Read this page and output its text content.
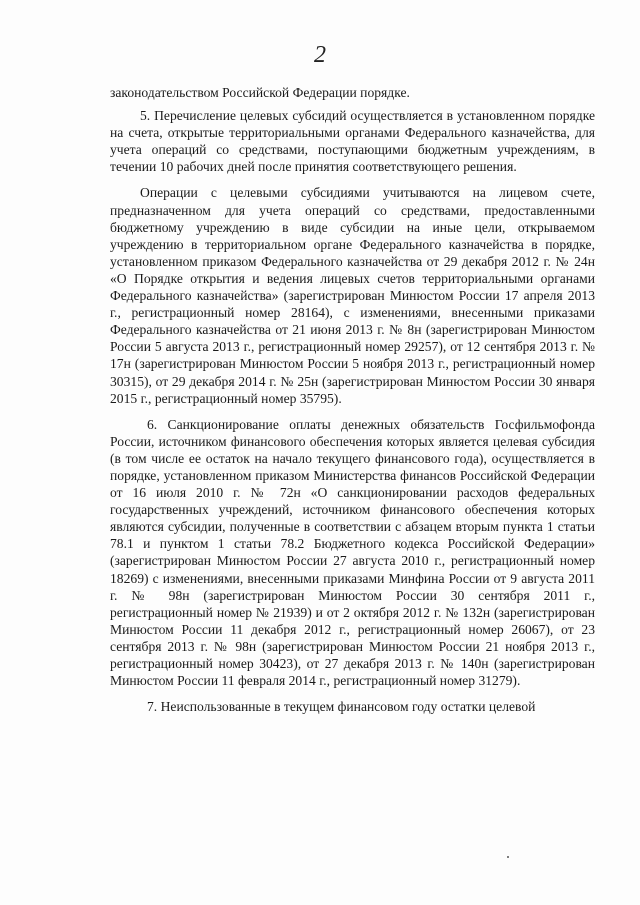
2

законодательством Российской Федерации порядке.

5. Перечисление целевых субсидий осуществляется в установленном порядке на счета, открытые территориальными органами Федерального казначейства, для учета операций со средствами, поступающими бюджетным учреждениям, в течении 10 рабочих дней после принятия соответствующего решения.

Операции с целевыми субсидиями учитываются на лицевом счете, предназначенном для учета операций со средствами, предоставленными бюджетному учреждению в виде субсидии на иные цели, открываемом учреждению в территориальном органе Федерального казначейства в порядке, установленном приказом Федерального казначейства от 29 декабря 2012 г. № 24н «О Порядке открытия и ведения лицевых счетов территориальными органами Федерального казначейства» (зарегистрирован Минюстом России 17 апреля 2013 г., регистрационный номер 28164), с изменениями, внесенными приказами Федерального казначейства от 21 июня 2013 г. № 8н (зарегистрирован Минюстом России 5 августа 2013 г., регистрационный номер 29257), от 12 сентября 2013 г. № 17н (зарегистрирован Минюстом России 5 ноября 2013 г., регистрационный номер 30315), от 29 декабря 2014 г. № 25н (зарегистрирован Минюстом России 30 января 2015 г., регистрационный номер 35795).

6. Санкционирование оплаты денежных обязательств Госфильмофонда России, источником финансового обеспечения которых является целевая субсидия (в том числе ее остаток на начало текущего финансового года), осуществляется в порядке, установленном приказом Министерства финансов Российской Федерации от 16 июля 2010 г. № 72н «О санкционировании расходов федеральных государственных учреждений, источником финансового обеспечения которых являются субсидии, полученные в соответствии с абзацем вторым пункта 1 статьи 78.1 и пунктом 1 статьи 78.2 Бюджетного кодекса Российской Федерации» (зарегистрирован Минюстом России 27 августа 2010 г., регистрационный номер 18269) с изменениями, внесенными приказами Минфина России от 9 августа 2011 г. № 98н (зарегистрирован Минюстом России 30 сентября 2011 г., регистрационный номер № 21939) и от 2 октября 2012 г. № 132н (зарегистрирован Минюстом России 11 декабря 2012 г., регистрационный номер 26067), от 23 сентября 2013 г. № 98н (зарегистрирован Минюстом России 21 ноября 2013 г., регистрационный номер 30423), от 27 декабря 2013 г. № 140н (зарегистрирован Минюстом России 11 февраля 2014 г., регистрационный номер 31279).

7. Неиспользованные в текущем финансовом году остатки целевой
